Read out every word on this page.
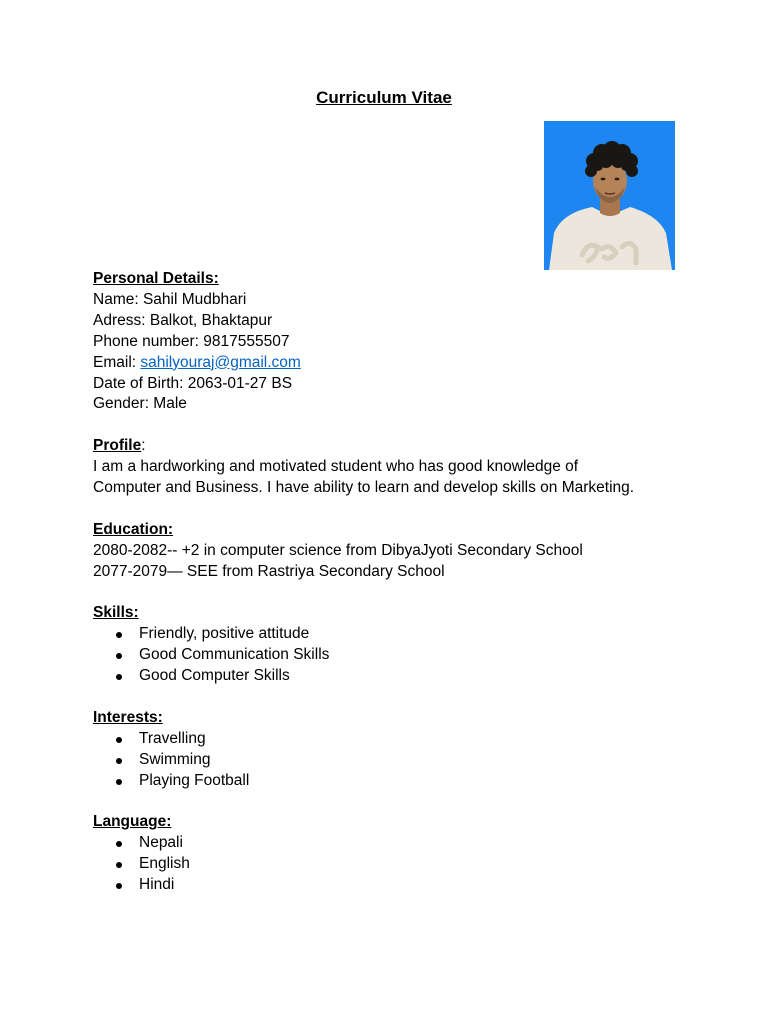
Curriculum Vitae

Personal Details:

Name: Sahil Mudbhari

Adress: Balkot, Bhaktapur

Phone number: 9817555507

Email: sahilyouraj@gmail.com

Date of Birth: 2063-01-27 BS

Gender: Male

Profile:

I am a hardworking and motivated student who has good knowledge of

Computer and Business. I have ability to learn and develop skills on Marketing.

Education:

2080-2082-- +2 in computer science from DibyaJyoti Secondary School

2077-2079— SEE from Rastriya Secondary School

Skills:

Friendly, positive attitude
Good Communication Skills
Good Computer Skills

Interests:

Travelling
Swimming
Playing Football

Language:

Nepali
English
Hindi
